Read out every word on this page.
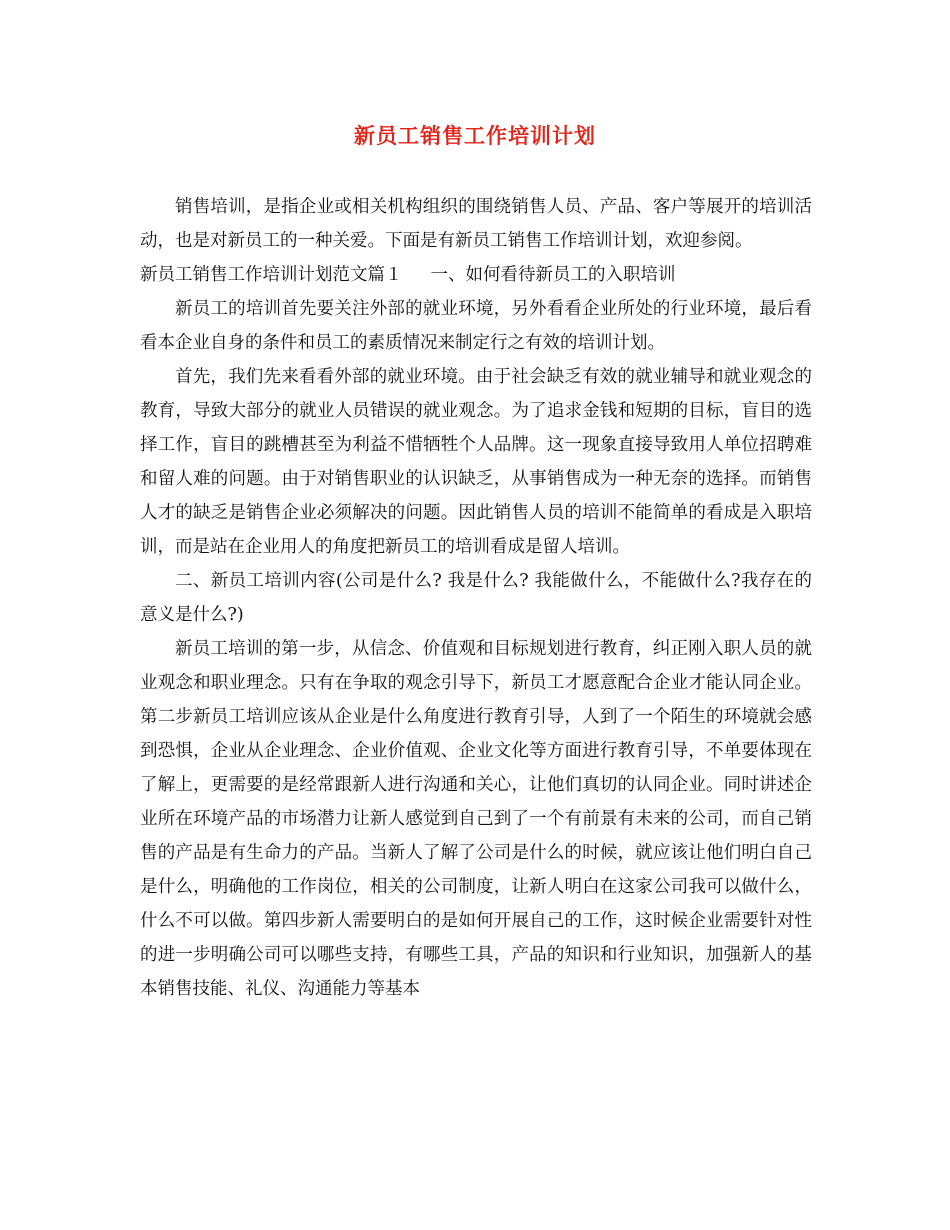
新员工销售工作培训计划

销售培训，是指企业或相关机构组织的围绕销售人员、产品、客户等展开的培训活动，也是对新员工的一种关爱。下面是有新员工销售工作培训计划，欢迎参阅。

新员工销售工作培训计划范文篇１ 一、如何看待新员工的入职培训

新员工的培训首先要关注外部的就业环境，另外看看企业所处的行业环境，最后看看本企业自身的条件和员工的素质情况来制定行之有效的培训计划。

首先，我们先来看看外部的就业环境。由于社会缺乏有效的就业辅导和就业观念的教育，导致大部分的就业人员错误的就业观念。为了追求金钱和短期的目标，盲目的选择工作，盲目的跳槽甚至为利益不惜牺牲个人品牌。这一现象直接导致用人单位招聘难和留人难的问题。由于对销售职业的认识缺乏，从事销售成为一种无奈的选择。而销售人才的缺乏是销售企业必须解决的问题。因此销售人员的培训不能简单的看成是入职培训，而是站在企业用人的角度把新员工的培训看成是留人培训。

二、新员工培训内容(公司是什么? 我是什么? 我能做什么，不能做什么?我存在的意义是什么?)

新员工培训的第一步，从信念、价值观和目标规划进行教育，纠正刚入职人员的就业观念和职业理念。只有在争取的观念引导下，新员工才愿意配合企业才能认同企业。第二步新员工培训应该从企业是什么角度进行教育引导，人到了一个陌生的环境就会感到恐惧，企业从企业理念、企业价值观、企业文化等方面进行教育引导，不单要体现在了解上，更需要的是经常跟新人进行沟通和关心，让他们真切的认同企业。同时讲述企业所在环境产品的市场潜力让新人感觉到自己到了一个有前景有未来的公司，而自己销售的产品是有生命力的产品。当新人了解了公司是什么的时候，就应该让他们明白自己是什么，明确他的工作岗位，相关的公司制度，让新人明白在这家公司我可以做什么，什么不可以做。第四步新人需要明白的是如何开展自己的工作，这时候企业需要针对性的进一步明确公司可以哪些支持，有哪些工具，产品的知识和行业知识，加强新人的基本销售技能、礼仪、沟通能力等基本
